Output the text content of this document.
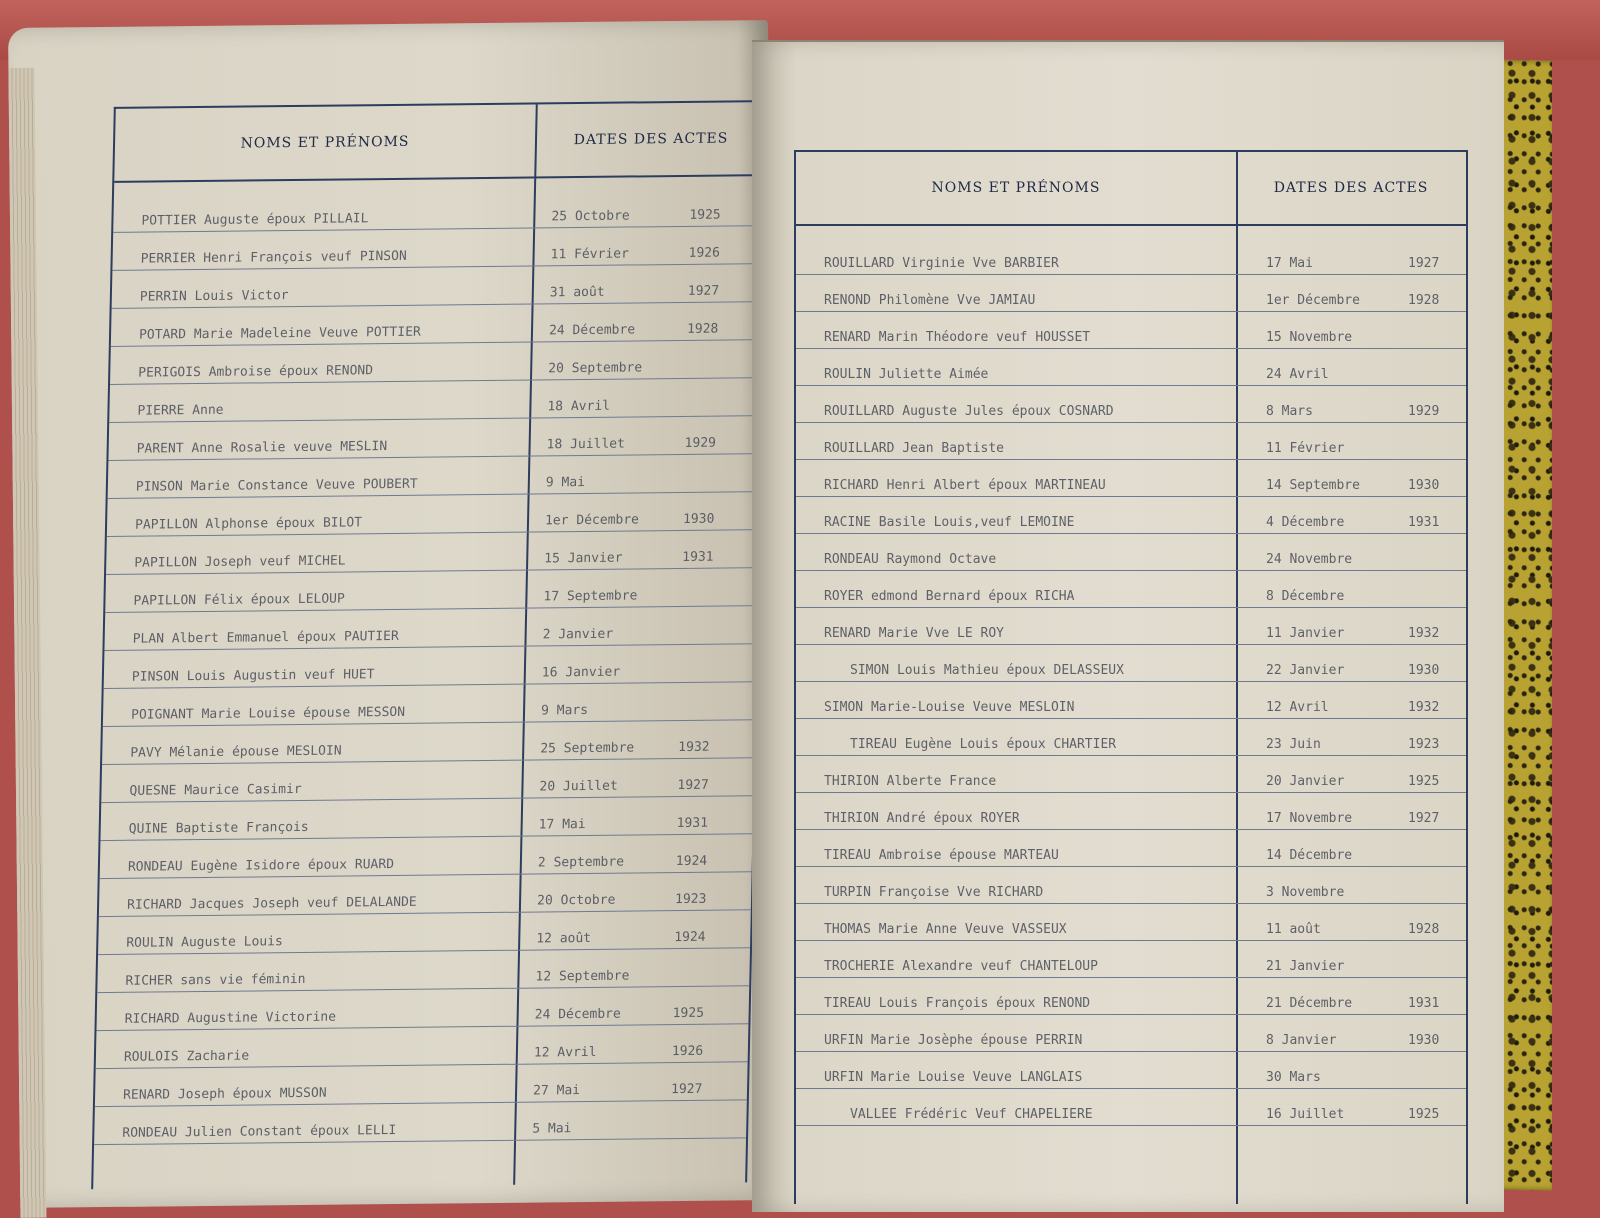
NOMS ET PRÉNOMS	DATES DES ACTES
POTTIER Auguste époux PILLAIL	25 Octobre	1925
PERRIER Henri François veuf PINSON	11 Février	1926
PERRIN Louis Victor	31 août	1927
POTARD Marie Madeleine Veuve POTTIER	24 Décembre	1928
PERIGOIS Ambroise époux RENOND	20 Septembre
PIERRE Anne	18 Avril
PARENT Anne Rosalie veuve MESLIN	18 Juillet	1929
PINSON Marie Constance Veuve POUBERT	9 Mai
PAPILLON Alphonse époux BILOT	1er Décembre	1930
PAPILLON Joseph veuf MICHEL	15 Janvier	1931
PAPILLON Félix époux LELOUP	17 Septembre
PLAN Albert Emmanuel époux PAUTIER	2 Janvier
PINSON Louis Augustin veuf HUET	16 Janvier
POIGNANT Marie Louise épouse MESSON	9 Mars
PAVY Mélanie épouse MESLOIN	25 Septembre	1932
QUESNE Maurice Casimir	20 Juillet	1927
QUINE Baptiste François	17 Mai	1931
RONDEAU Eugène Isidore époux RUARD	2 Septembre	1924
RICHARD Jacques Joseph veuf DELALANDE	20 Octobre	1923
ROULIN Auguste Louis	12 août	1924
RICHER sans vie féminin	12 Septembre
RICHARD Augustine Victorine	24 Décembre	1925
ROULOIS Zacharie	12 Avril	1926
RENARD Joseph époux MUSSON	27 Mai	1927
RONDEAU Julien Constant époux LELLI	5 Mai
NOMS ET PRÉNOMS	DATES DES ACTES
ROUILLARD Virginie Vve BARBIER	17 Mai	1927
RENOND Philomène Vve JAMIAU	1er Décembre	1928
RENARD Marin Théodore veuf HOUSSET	15 Novembre
ROULIN Juliette Aimée	24 Avril
ROUILLARD Auguste Jules époux COSNARD	8 Mars	1929
ROUILLARD Jean Baptiste	11 Février
RICHARD Henri Albert époux MARTINEAU	14 Septembre	1930
RACINE Basile Louis,veuf LEMOINE	4 Décembre	1931
RONDEAU Raymond Octave	24 Novembre
ROYER edmond Bernard époux RICHA	8 Décembre
RENARD Marie Vve LE ROY	11 Janvier	1932
SIMON Louis Mathieu époux DELASSEUX	22 Janvier	1930
SIMON Marie-Louise Veuve MESLOIN	12 Avril	1932
TIREAU Eugène Louis époux CHARTIER	23 Juin	1923
THIRION Alberte France	20 Janvier	1925
THIRION André époux ROYER	17 Novembre	1927
TIREAU Ambroise épouse MARTEAU	14 Décembre
TURPIN Françoise Vve RICHARD	3 Novembre
THOMAS Marie Anne Veuve VASSEUX	11 août	1928
TROCHERIE Alexandre veuf CHANTELOUP	21 Janvier
TIREAU Louis François époux RENOND	21 Décembre	1931
URFIN Marie Josèphe épouse PERRIN	8 Janvier	1930
URFIN Marie Louise Veuve LANGLAIS	30 Mars
VALLEE Frédéric Veuf CHAPELIERE	16 Juillet	1925
